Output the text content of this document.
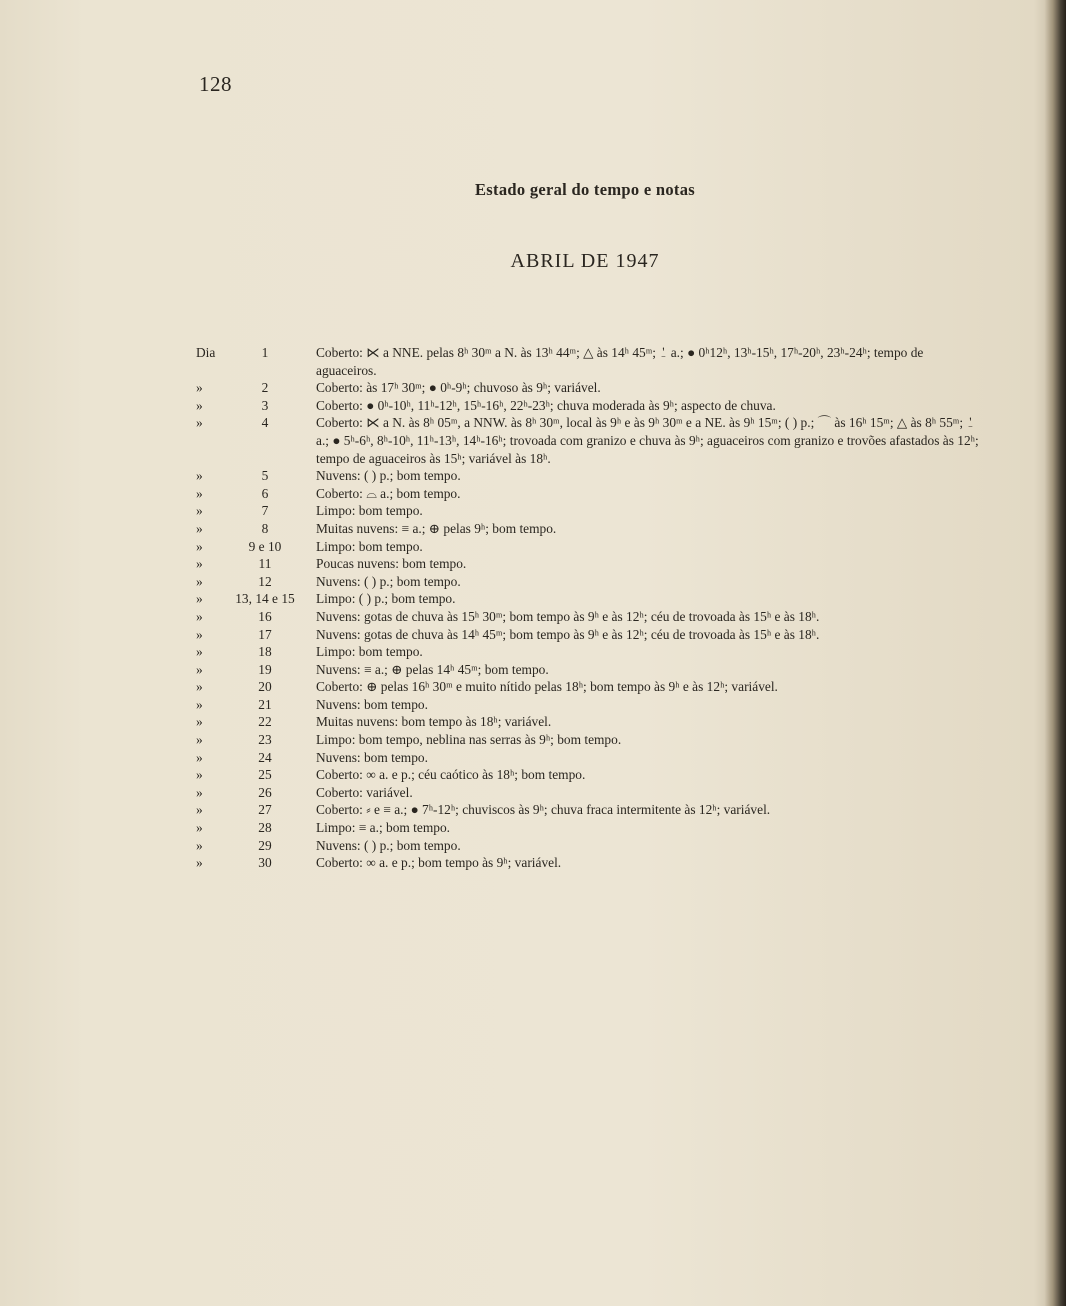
128
Estado geral do tempo e notas
ABRIL DE 1947
Dia	1	Coberto: ⋉ a NNE. pelas 8ʰ 30ᵐ a N. às 13ʰ 44ᵐ; △ às 14ʰ 45ᵐ; ⍘ a.; ● 0ʰ12ʰ, 13ʰ-15ʰ, 17ʰ-20ʰ, 23ʰ-24ʰ; tempo de aguaceiros.
»	2	Coberto: às 17ʰ 30ᵐ; ● 0ʰ-9ʰ; chuvoso às 9ʰ; variável.
»	3	Coberto: ● 0ʰ-10ʰ, 11ʰ-12ʰ, 15ʰ-16ʰ, 22ʰ-23ʰ; chuva moderada às 9ʰ; aspecto de chuva.
»	4	Coberto: ⋉ a N. às 8ʰ 05ᵐ, a NNW. às 8ʰ 30ᵐ, local às 9ʰ e às 9ʰ 30ᵐ e a NE. às 9ʰ 15ᵐ; ( ) p.; ⌒ às 16ʰ 15ᵐ; △ às 8ʰ 55ᵐ; ⍘ a.; ● 5ʰ-6ʰ, 8ʰ-10ʰ, 11ʰ-13ʰ, 14ʰ-16ʰ; trovoada com granizo e chuva às 9ʰ; aguaceiros com granizo e trovões afastados às 12ʰ; tempo de aguaceiros às 15ʰ; variável às 18ʰ.
»	5	Nuvens: ( ) p.; bom tempo.
»	6	Coberto: ⌓ a.; bom tempo.
»	7	Limpo: bom tempo.
»	8	Muitas nuvens: ≡ a.; ⊕ pelas 9ʰ; bom tempo.
»	9 e 10	Limpo: bom tempo.
»	11	Poucas nuvens: bom tempo.
»	12	Nuvens: ( ) p.; bom tempo.
»	13, 14 e 15	Limpo: ( ) p.; bom tempo.
»	16	Nuvens: gotas de chuva às 15ʰ 30ᵐ; bom tempo às 9ʰ e às 12ʰ; céu de trovoada às 15ʰ e às 18ʰ.
»	17	Nuvens: gotas de chuva às 14ʰ 45ᵐ; bom tempo às 9ʰ e às 12ʰ; céu de trovoada às 15ʰ e às 18ʰ.
»	18	Limpo: bom tempo.
»	19	Nuvens: ≡ a.; ⊕ pelas 14ʰ 45ᵐ; bom tempo.
»	20	Coberto: ⊕ pelas 16ʰ 30ᵐ e muito nítido pelas 18ʰ; bom tempo às 9ʰ e às 12ʰ; variável.
»	21	Nuvens: bom tempo.
»	22	Muitas nuvens: bom tempo às 18ʰ; variável.
»	23	Limpo: bom tempo, neblina nas serras às 9ʰ; bom tempo.
»	24	Nuvens: bom tempo.
»	25	Coberto: ∞ a. e p.; céu caótico às 18ʰ; bom tempo.
»	26	Coberto: variável.
»	27	Coberto: ⸗ e ≡ a.; ● 7ʰ-12ʰ; chuviscos às 9ʰ; chuva fraca intermitente às 12ʰ; variável.
»	28	Limpo: ≡ a.; bom tempo.
»	29	Nuvens: ( ) p.; bom tempo.
»	30	Coberto: ∞ a. e p.; bom tempo às 9ʰ; variável.
